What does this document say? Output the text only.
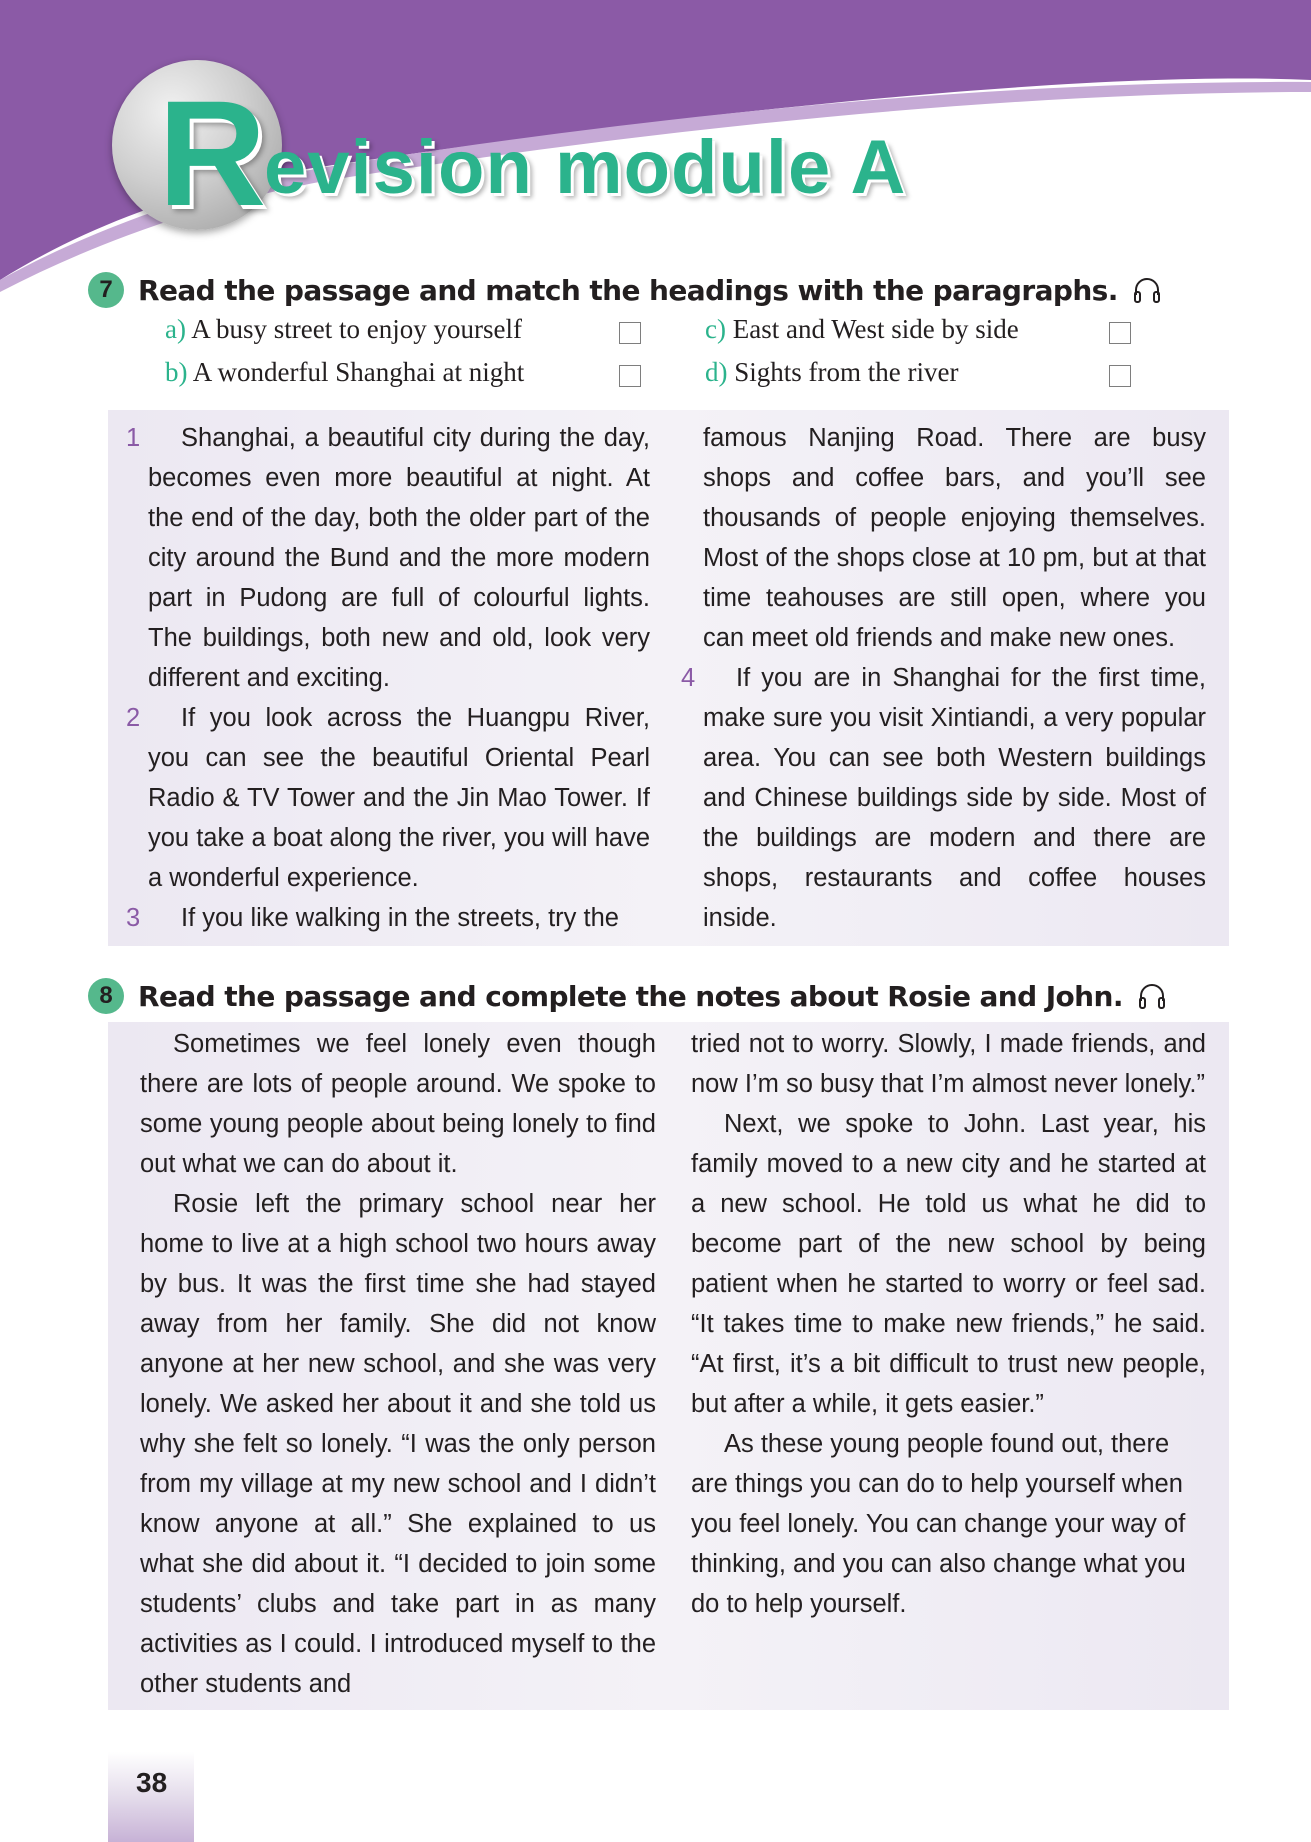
R
evision module A
7 Read the passage and match the headings with the paragraphs.
a) A busy street to enjoy yourself
b) A wonderful Shanghai at night
c) East and West side by side
d) Sights from the river

1 Shanghai, a beautiful city during the day, becomes even more beautiful at night. At the end of the day, both the older part of the city around the Bund and the more modern part in Pudong are full of colourful lights. The buildings, both new and old, look very different and exciting.

2 If you look across the Huangpu River, you can see the beautiful Oriental Pearl Radio & TV Tower and the Jin Mao Tower. If you take a boat along the river, you will have a wonderful experience.

3 If you like walking in the streets, try the

famous Nanjing Road. There are busy shops and coffee bars, and you’ll see thousands of people enjoying themselves. Most of the shops close at 10 pm, but at that time teahouses are still open, where you can meet old friends and make new ones.

4 If you are in Shanghai for the first time, make sure you visit Xintiandi, a very popular area. You can see both Western buildings and Chinese buildings side by side. Most of the buildings are modern and there are shops, restaurants and coffee houses inside.

8 Read the passage and complete the notes about Rosie and John.

Sometimes we feel lonely even though there are lots of people around. We spoke to some young people about being lonely to find out what we can do about it.

Rosie left the primary school near her home to live at a high school two hours away by bus. It was the first time she had stayed away from her family. She did not know anyone at her new school, and she was very lonely. We asked her about it and she told us why she felt so lonely. “I was the only person from my village at my new school and I didn’t know anyone at all.” She explained to us what she did about it. “I decided to join some students’ clubs and take part in as many activities as I could. I introduced myself to the other students and

tried not to worry. Slowly, I made friends, and now I’m so busy that I’m almost never lonely.”

Next, we spoke to John. Last year, his family moved to a new city and he started at a new school. He told us what he did to become part of the new school by being patient when he started to worry or feel sad. “It takes time to make new friends,” he said. “At first, it’s a bit difficult to trust new people, but after a while, it gets easier.”

As these young people found out, there are things you can do to help yourself when you feel lonely. You can change your way of thinking, and you can also change what you do to help yourself.

38
